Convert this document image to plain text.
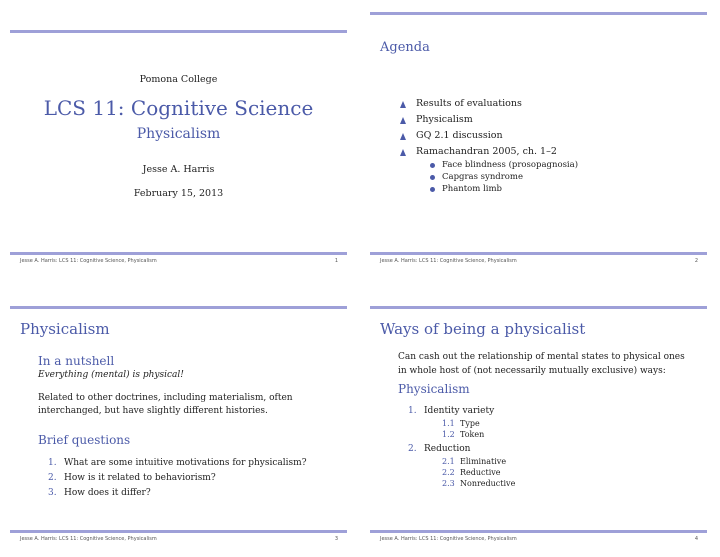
Pomona College
LCS 11: Cognitive Science
Physicalism
Jesse A. Harris
February 15, 2013
Jesse A. Harris: LCS 11: Cognitive Science, Physicalism	1
Agenda
Results of evaluations
Physicalism
GQ 2.1 discussion
Ramachandran 2005, ch. 1–2
Face blindness (prosopagnosia)
Capgras syndrome
Phantom limb
Jesse A. Harris: LCS 11: Cognitive Science, Physicalism	2
Physicalism
In a nutshell
Everything (mental) is physical!
Related to other doctrines, including materialism, often
interchanged, but have slightly different histories.
Brief questions
1. What are some intuitive motivations for physicalism?
2. How is it related to behaviorism?
3. How does it differ?
Jesse A. Harris: LCS 11: Cognitive Science, Physicalism	3
Ways of being a physicalist
Can cash out the relationship of mental states to physical ones
in whole host of (not necessarily mutually exclusive) ways:
Physicalism
1. Identity variety
1.1 Type
1.2 Token
2. Reduction
2.1 Eliminative
2.2 Reductive
2.3 Nonreductive
Jesse A. Harris: LCS 11: Cognitive Science, Physicalism	4
